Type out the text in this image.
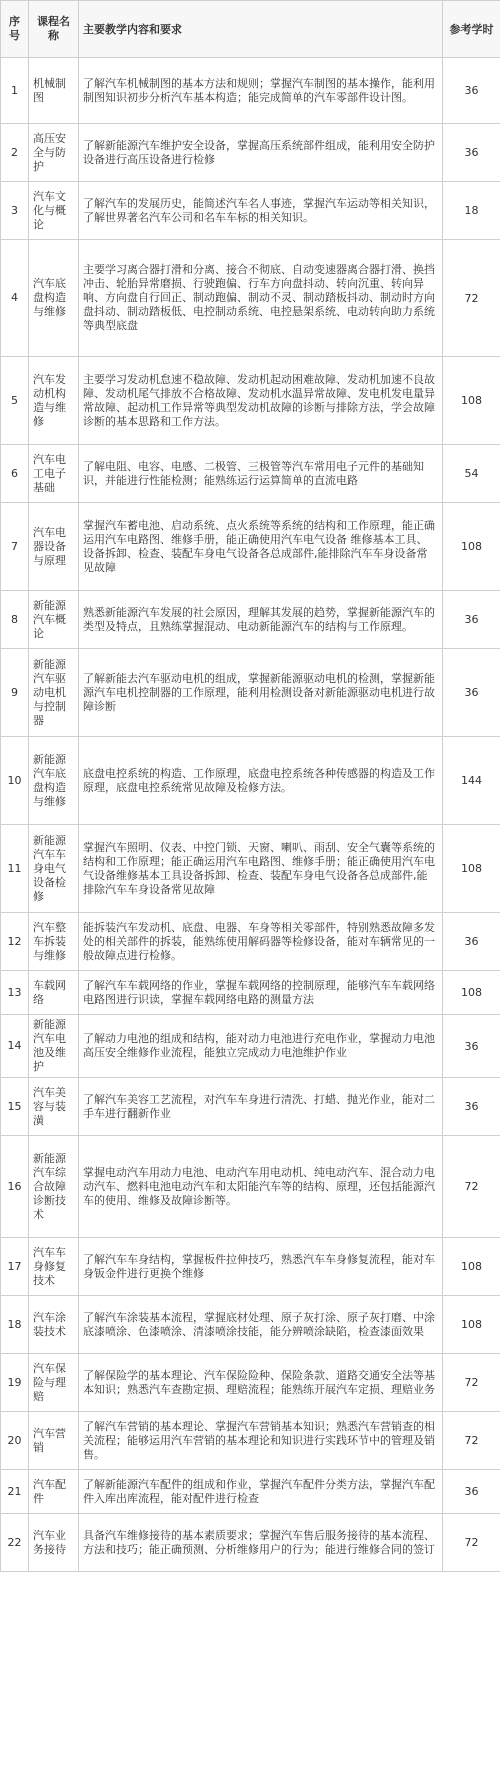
序号	课程名称	主要教学内容和要求	参考学时
1	机械制图	了解汽车机械制图的基本方法和规则；掌握汽车制图的基本操作，能利用制图知识初步分析汽车基本构造；能完成简单的汽车零部件设计图。	36
2	高压安全与防护	了解新能源汽车维护安全设备，掌握高压系统部件组成，能利用安全防护设备进行高压设备进行检修	36
3	汽车文化与概论	了解汽车的发展历史，能简述汽车名人事迹，掌握汽车运动等相关知识，了解世界著名汽车公司和名车车标的相关知识。	18
4	汽车底盘构造与维修	主要学习离合器打滑和分离、接合不彻底、自动变速器离合器打滑、换挡冲击、轮胎异常磨损、行驶跑偏、行车方向盘抖动、转向沉重、转向异响、方向盘自行回正、制动跑偏、制动不灵、制动踏板抖动、制动时方向盘抖动、制动踏板低、电控制动系统、电控悬架系统、电动转向助力系统等典型底盘	72
5	汽车发动机构造与维修	主要学习发动机怠速不稳故障、发动机起动困难故障、发动机加速不良故障、发动机尾气排放不合格故障、发动机水温异常故障、发电机发电量异常故障、起动机工作异常等典型发动机故障的诊断与排除方法，学会故障诊断的基本思路和工作方法。	108
6	汽车电工电子基础	了解电阻、电容、电感、二极管、三极管等汽车常用电子元件的基础知识，并能进行性能检测；能熟练运行运算简单的直流电路	54
7	汽车电器设备与原理	掌握汽车蓄电池、启动系统、点火系统等系统的结构和工作原理，能正确运用汽车电路图、维修手册，能正确使用汽车电气设备 维修基本工具、设备拆卸、检查、装配车身电气设备各总成部件,能排除汽车车身设备常见故障	108
8	新能源汽车概论	熟悉新能源汽车发展的社会原因，理解其发展的趋势，掌握新能源汽车的类型及特点，且熟练掌握混动、电动新能源汽车的结构与工作原理。	36
9	新能源汽车驱动电机与控制器	了解新能去汽车驱动电机的组成，掌握新能源驱动电机的检测，掌握新能源汽车电机控制器的工作原理，能利用检测设备对新能源驱动电机进行故障诊断	36
10	新能源汽车底盘构造与维修	底盘电控系统的构造、工作原理，底盘电控系统各种传感器的构造及工作原理，底盘电控系统常见故障及检修方法。	144
11	新能源汽车车身电气设备检修	掌握汽车照明、仪表、中控门锁、天窗、喇叭、雨刮、安全气囊等系统的结构和工作原理；能正确运用汽车电路图、维修手册；能正确使用汽车电气设备维修基本工具设备拆卸、检查、装配车身电气设备各总成部件,能排除汽车车身设备常见故障	108
12	汽车整车拆装与维修	能拆装汽车发动机、底盘、电器、车身等相关零部件，特别熟悉故障多发处的相关部件的拆装，能熟练使用解码器等检修设备，能对车辆常见的一般故障点进行检修。	36
13	车载网络	了解汽车车载网络的作业，掌握车载网络的控制原理，能够汽车车载网络 电路图进行识读，掌握车载网络电路的测量方法	108
14	新能源汽车电池及维护	了解动力电池的组成和结构，能对动力电池进行充电作业，掌握动力电池高压安全维修作业流程，能独立完成动力电池维护作业	36
15	汽车美容与装潢	了解汽车美容工艺流程，对汽车车身进行清洗、打蜡、抛光作业，能对二手车进行翻新作业	36
16	新能源汽车综合故障诊断技术	掌握电动汽车用动力电池、电动汽车用电动机、纯电动汽车、混合动力电动汽车、燃料电池电动汽车和太阳能汽车等的结构、原理，还包括能源汽车的使用、维修及故障诊断等。	72
17	汽车车身修复技术	了解汽车车身结构，掌握板件拉伸技巧，熟悉汽车车身修复流程，能对车身钣金件进行更换个维修	108
18	汽车涂装技术	了解汽车涂装基本流程，掌握底材处理、原子灰打涂、原子灰打磨、中涂底漆喷涂、色漆喷涂、清漆喷涂技能，能分辨喷涂缺陷，检查漆面效果	108
19	汽车保险与理赔	了解保险学的基本理论、汽车保险险种、保险条款、道路交通安全法等基本知识；熟悉汽车查勘定损、理赔流程；能熟练开展汽车定损、理赔业务	72
20	汽车营销	了解汽车营销的基本理论、掌握汽车营销基本知识；熟悉汽车营销查的相关流程；能够运用汽车营销的基本理论和知识进行实践环节中的管理及销售。	72
21	汽车配件	了解新能源汽车配件的组成和作业，掌握汽车配件分类方法，掌握汽车配件入库出库流程，能对配件进行检查	36
22	汽车业务接待	具备汽车维修接待的基本素质要求；掌握汽车售后服务接待的基本流程、方法和技巧；能正确预测、分析维修用户的行为；能进行维修合同的签订	72
